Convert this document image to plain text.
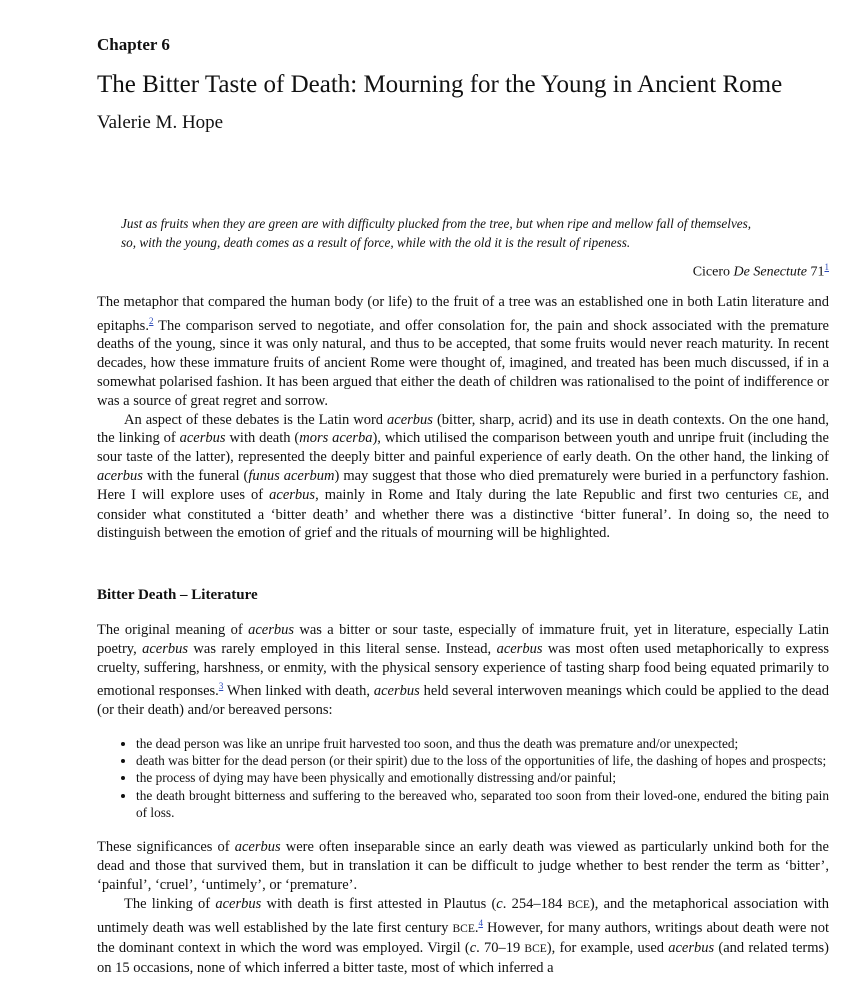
Chapter 6
The Bitter Taste of Death: Mourning for the Young in Ancient Rome
Valerie M. Hope
Just as fruits when they are green are with difficulty plucked from the tree, but when ripe and mellow fall of themselves,
so, with the young, death comes as a result of force, while with the old it is the result of ripeness.
Cicero De Senectute $71^1$

The metaphor that compared the human body (or life) to the fruit of a tree was an established one in both Latin literature and epitaphs.$^2$ The comparison served to negotiate, and offer consolation for, the pain and shock associated with the premature deaths of the young, since it was only natural, and thus to be accepted, that some fruits would never reach maturity. In recent decades, how these immature fruits of ancient Rome were thought of, imagined, and treated has been much discussed, if in a somewhat polarised fashion. It has been argued that either the death of children was rationalised to the point of indifference or was a source of great regret and sorrow.

An aspect of these debates is the Latin word acerbus (bitter, sharp, acrid) and its use in death contexts. On the one hand, the linking of acerbus with death (mors acerba), which utilised the comparison between youth and unripe fruit (including the sour taste of the latter), represented the deeply bitter and painful experience of early death. On the other hand, the linking of acerbus with the funeral (funus acerbum) may suggest that those who died prematurely were buried in a perfunctory fashion. Here I will explore uses of acerbus, mainly in Rome and Italy during the late Republic and first two centuries CE, and consider what constituted a ‘bitter death’ and whether there was a distinctive ‘bitter funeral’. In doing so, the need to distinguish between the emotion of grief and the rituals of mourning will be highlighted.

Bitter Death – Literature

The original meaning of acerbus was a bitter or sour taste, especially of immature fruit, yet in literature, especially Latin poetry, acerbus was rarely employed in this literal sense. Instead, acerbus was most often used metaphorically to express cruelty, suffering, harshness, or enmity, with the physical sensory experience of tasting sharp food being equated primarily to emotional responses.$^3$ When linked with death, acerbus held several interwoven meanings which could be applied to the dead (or their death) and/or bereaved persons:

• the dead person was like an unripe fruit harvested too soon, and thus the death was premature and/or unexpected;
• death was bitter for the dead person (or their spirit) due to the loss of the opportunities of life, the dashing of hopes and prospects;
• the process of dying may have been physically and emotionally distressing and/or painful;
• the death brought bitterness and suffering to the bereaved who, separated too soon from their loved-one, endured the biting pain of loss.

These significances of acerbus were often inseparable since an early death was viewed as particularly unkind both for the dead and those that survived them, but in translation it can be difficult to judge whether to best render the term as ‘bitter’, ‘painful’, ‘cruel’, ‘untimely’, or ‘premature’.

The linking of acerbus with death is first attested in Plautus (c. 254–184 BCE), and the metaphorical association with untimely death was well established by the late first century BCE.$^4$ However, for many authors, writings about death were not the dominant context in which the word was employed. Virgil (c. 70–19 BCE), for example, used acerbus (and related terms) on 15 occasions, none of which inferred a bitter taste, most of which inferred a
